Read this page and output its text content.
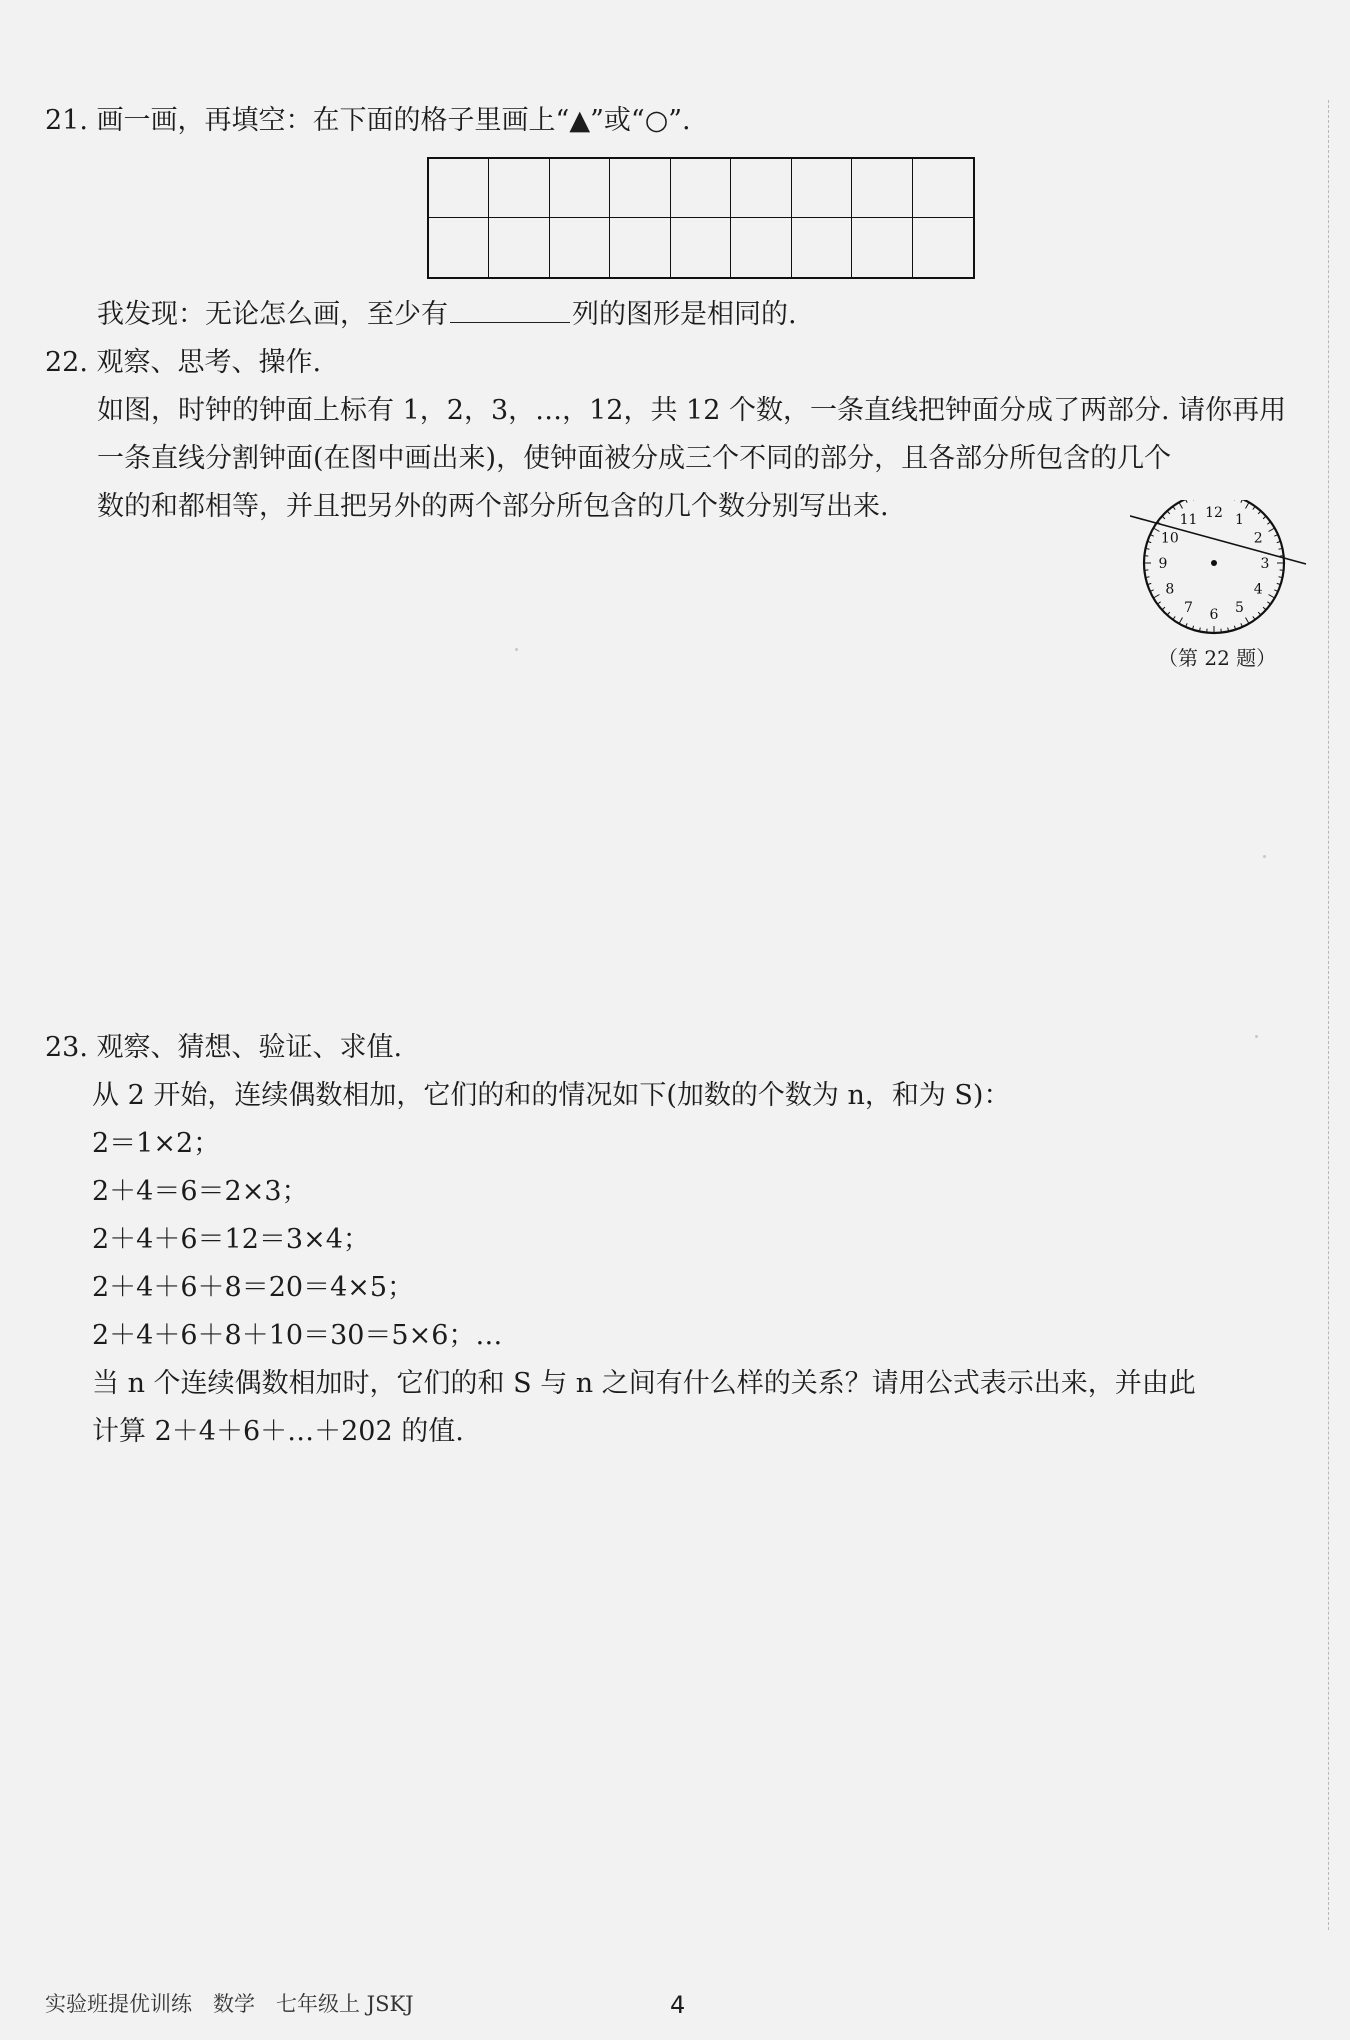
21. 画一画，再填空：在下面的格子里画上“▲”或“○”.
我发现：无论怎么画，至少有	列的图形是相同的.
22. 观察、思考、操作.
如图，时钟的钟面上标有 1，2，3，…，12，共 12 个数，一条直线把钟面分成了两部分. 请你再用
一条直线分割钟面(在图中画出来)，使钟面被分成三个不同的部分，且各部分所包含的几个
数的和都相等，并且把另外的两个部分所包含的几个数分别写出来.	12 1
2
3
4
5
6
7
8
9
10
11
（第 22 题）
23. 观察、猜想、验证、求值.
从 2 开始，连续偶数相加，它们的和的情况如下(加数的个数为 n，和为 S)：
2＝1×2；
2＋4＝6＝2×3；
2＋4＋6＝12＝3×4；
2＋4＋6＋8＝20＝4×5；
2＋4＋6＋8＋10＝30＝5×6；…
当 n 个连续偶数相加时，它们的和 S 与 n 之间有什么样的关系？请用公式表示出来，并由此
计算 2＋4＋6＋…＋202 的值.
实验班提优训练　数学　七年级上 JSKJ	4
